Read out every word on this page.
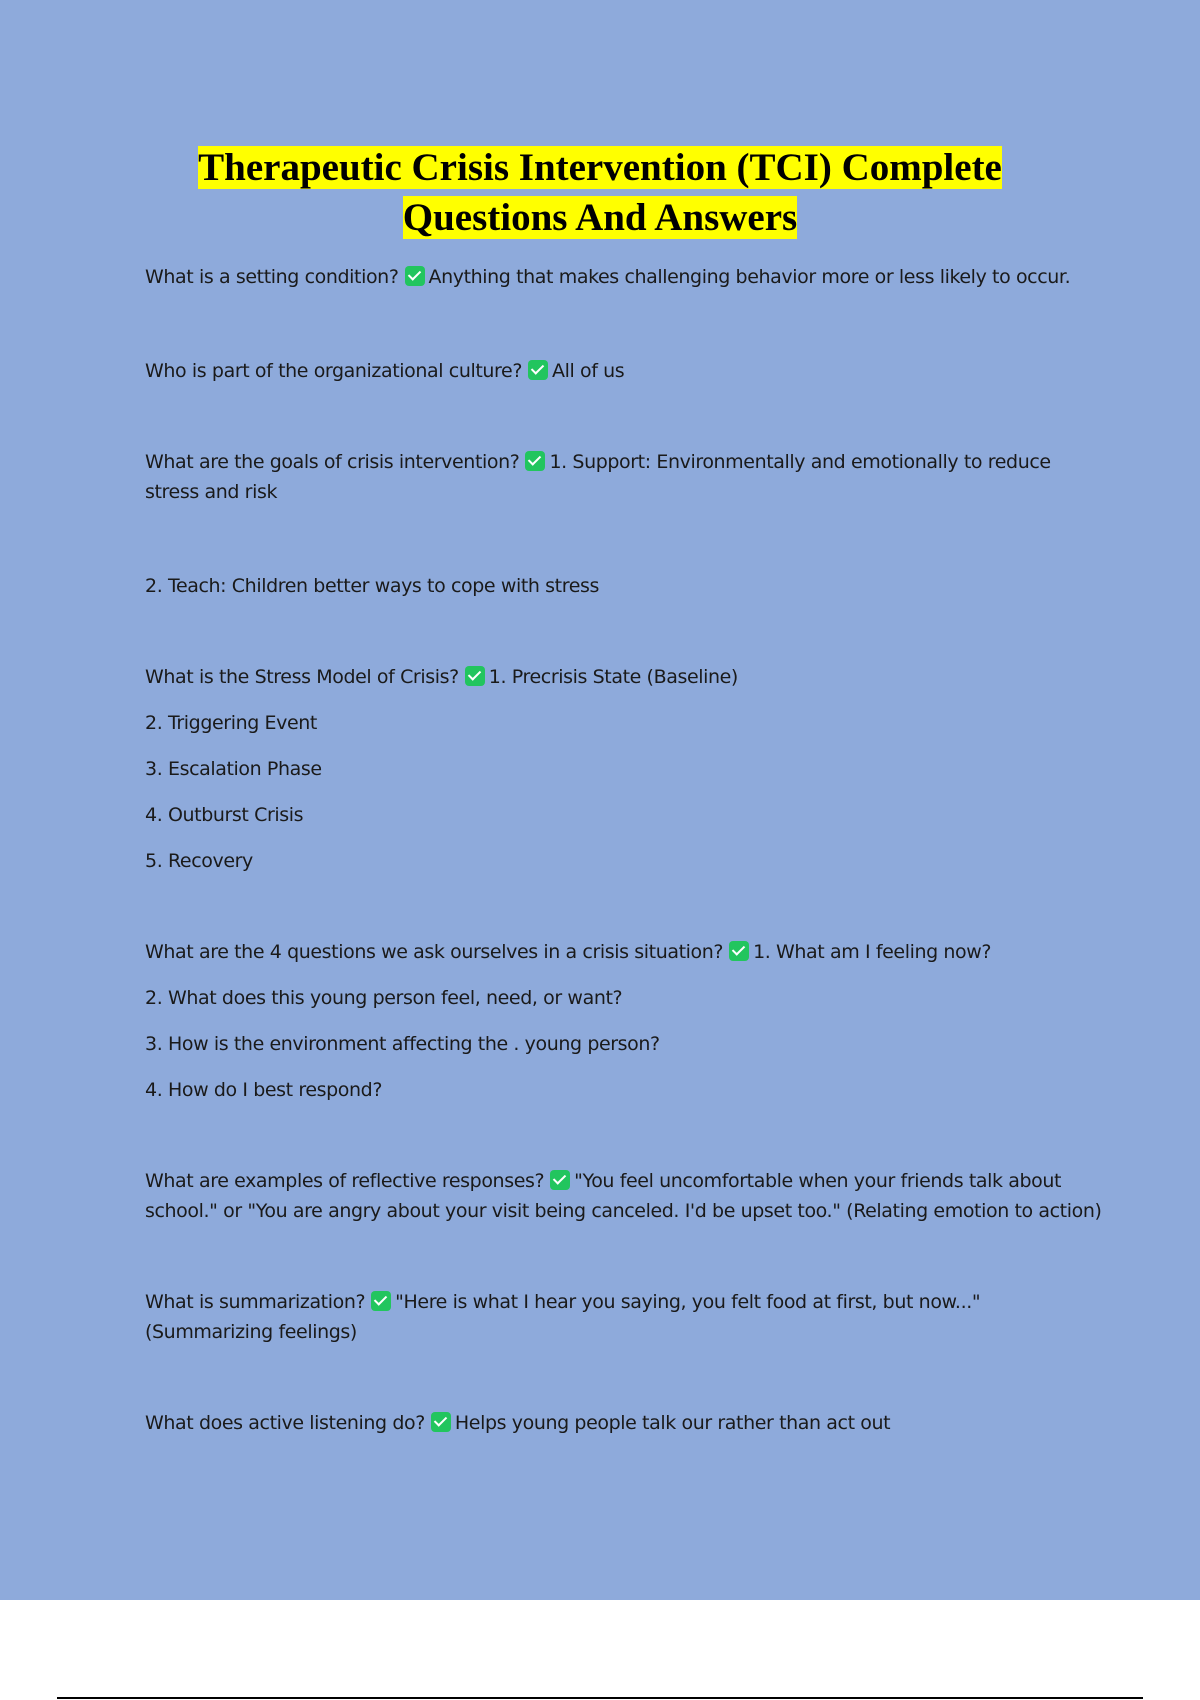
Therapeutic Crisis Intervention (TCI) Complete
Questions And Answers
What is a setting condition? Anything that makes challenging behavior more or less likely to occur.
Who is part of the organizational culture? All of us
What are the goals of crisis intervention? 1. Support: Environmentally and emotionally to reduce
stress and risk
2. Teach: Children better ways to cope with stress
What is the Stress Model of Crisis? 1. Precrisis State (Baseline)
2. Triggering Event
3. Escalation Phase
4. Outburst Crisis
5. Recovery
What are the 4 questions we ask ourselves in a crisis situation? 1. What am I feeling now?
2. What does this young person feel, need, or want?
3. How is the environment affecting the . young person?
4. How do I best respond?
What are examples of reflective responses? "You feel uncomfortable when your friends talk about
school." or "You are angry about your visit being canceled. I'd be upset too." (Relating emotion to action)
What is summarization? "Here is what I hear you saying, you felt food at first, but now..."
(Summarizing feelings)
What does active listening do? Helps young people talk our rather than act out
